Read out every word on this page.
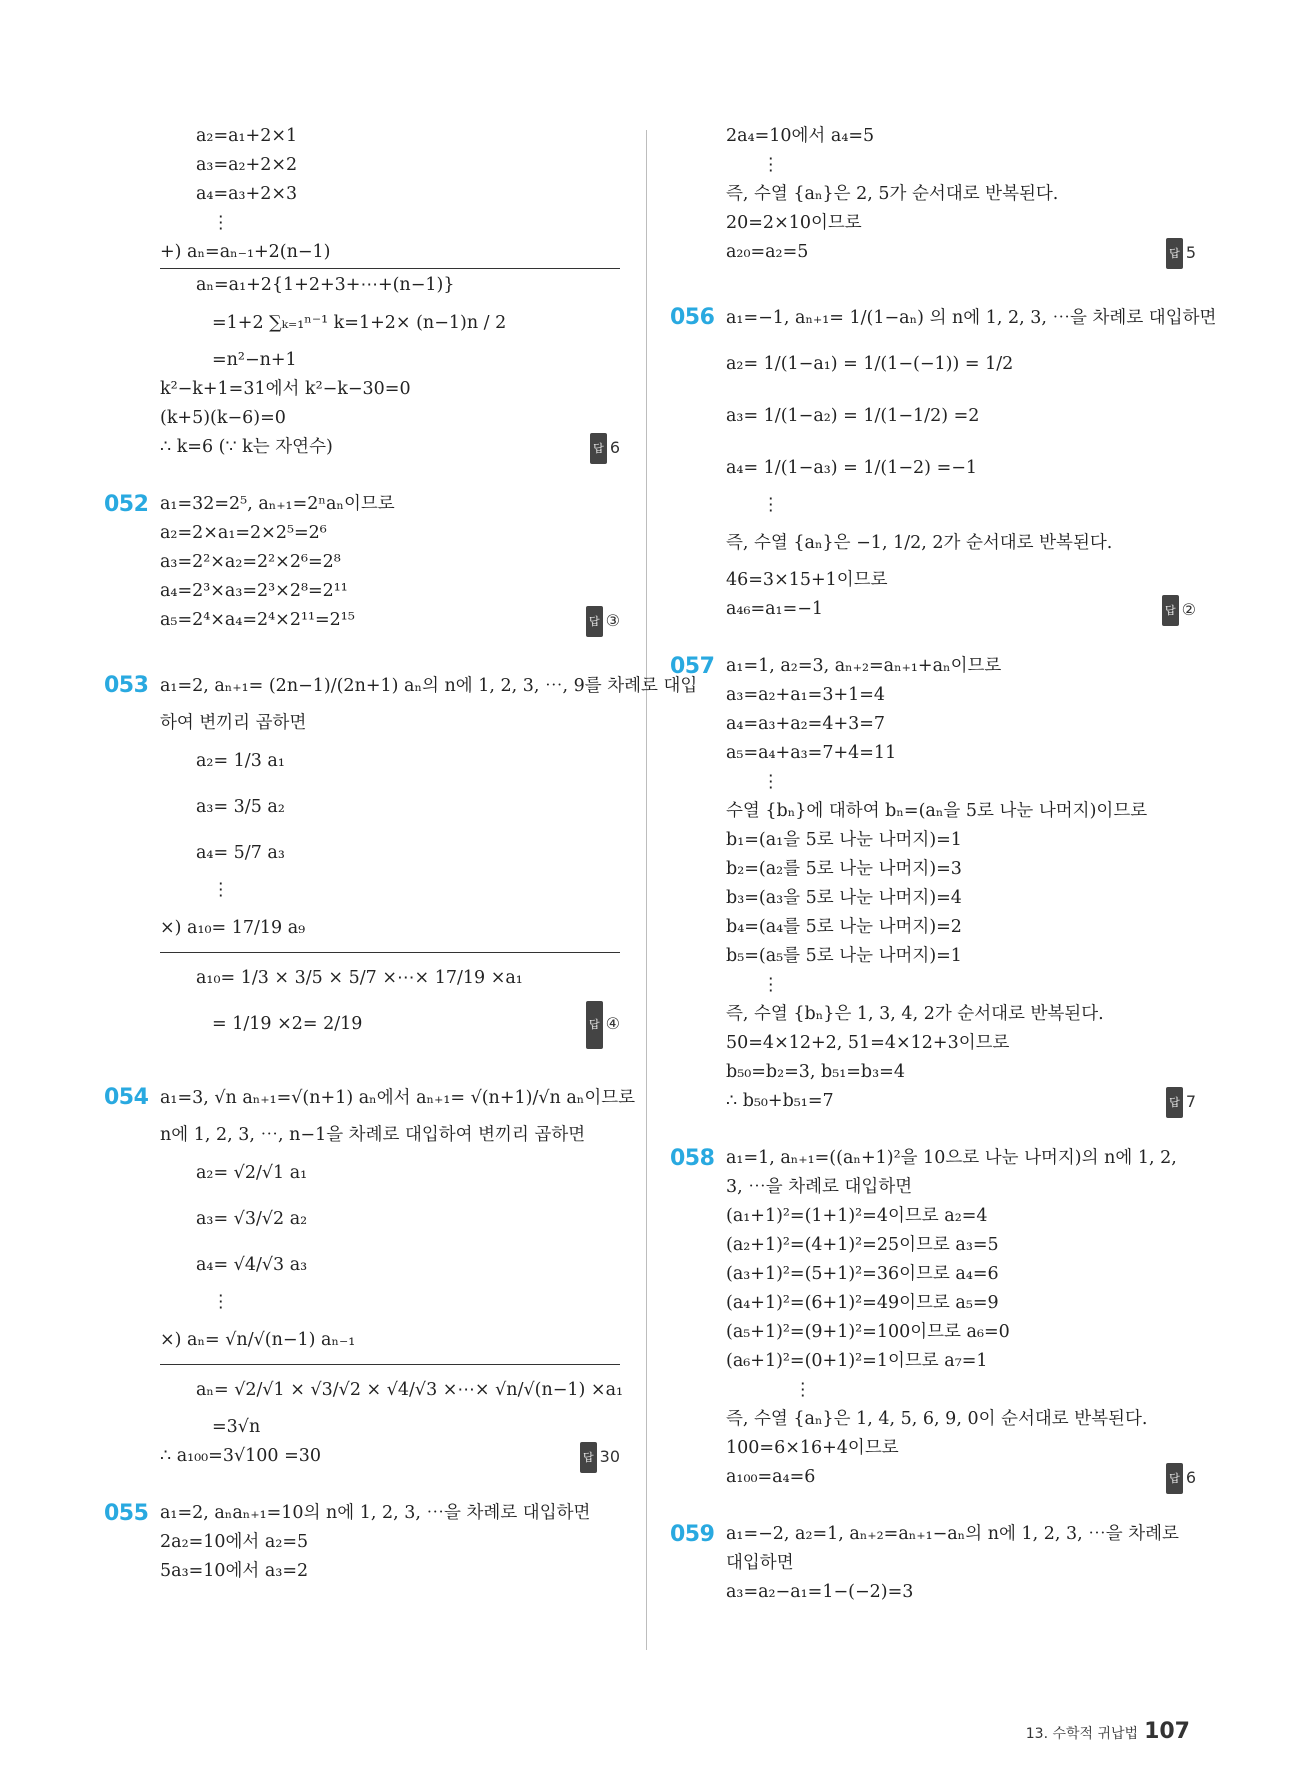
a₂=a₁+2×1
a₃=a₂+2×2
a₄=a₃+2×3
⋮
+) aₙ=aₙ₋₁+2(n−1)
aₙ=a₁+2{1+2+3+⋯+(n−1)}
=1+2 ∑ₖ₌₁ⁿ⁻¹ k=1+2× (n−1)n / 2
=n²−n+1
k²−k+1=31에서 k²−k−30=0
(k+5)(k−6)=0
∴ k=6 (∵ k는 자연수)	답 6
052 a₁=32=2⁵, aₙ₊₁=2ⁿaₙ이므로
a₂=2×a₁=2×2⁵=2⁶
a₃=2²×a₂=2²×2⁶=2⁸
a₄=2³×a₃=2³×2⁸=2¹¹
a₅=2⁴×a₄=2⁴×2¹¹=2¹⁵	답 ③
053 a₁=2, aₙ₊₁= (2n−1)/(2n+1) aₙ의 n에 1, 2, 3, ⋯, 9를 차례로 대입
하여 변끼리 곱하면
a₂= 1/3 a₁
a₃= 3/5 a₂
a₄= 5/7 a₃
⋮
×) a₁₀= 17/19 a₉
a₁₀= 1/3 × 3/5 × 5/7 ×⋯× 17/19 ×a₁
= 1/19 ×2= 2/19	답 ④
054 a₁=3, √n aₙ₊₁=√(n+1) aₙ에서 aₙ₊₁= √(n+1)/√n aₙ이므로
n에 1, 2, 3, ⋯, n−1을 차례로 대입하여 변끼리 곱하면
a₂= √2/√1 a₁
a₃= √3/√2 a₂
a₄= √4/√3 a₃
⋮
×) aₙ= √n/√(n−1) aₙ₋₁
aₙ= √2/√1 × √3/√2 × √4/√3 ×⋯× √n/√(n−1) ×a₁
=3√n
∴ a₁₀₀=3√100 =30	답 30
055 a₁=2, aₙaₙ₊₁=10의 n에 1, 2, 3, ⋯을 차례로 대입하면
2a₂=10에서 a₂=5
5a₃=10에서 a₃=2
2a₄=10에서 a₄=5
⋮
즉, 수열 {aₙ}은 2, 5가 순서대로 반복된다.
20=2×10이므로
a₂₀=a₂=5	답 5
056 a₁=−1, aₙ₊₁= 1/(1−aₙ) 의 n에 1, 2, 3, ⋯을 차례로 대입하면
a₂= 1/(1−a₁) = 1/(1−(−1)) = 1/2
a₃= 1/(1−a₂) = 1/(1−1/2) =2
a₄= 1/(1−a₃) = 1/(1−2) =−1
⋮
즉, 수열 {aₙ}은 −1, 1/2, 2가 순서대로 반복된다.
46=3×15+1이므로
a₄₆=a₁=−1	답 ②
057 a₁=1, a₂=3, aₙ₊₂=aₙ₊₁+aₙ이므로
a₃=a₂+a₁=3+1=4
a₄=a₃+a₂=4+3=7
a₅=a₄+a₃=7+4=11
⋮
수열 {bₙ}에 대하여 bₙ=(aₙ을 5로 나눈 나머지)이므로
b₁=(a₁을 5로 나눈 나머지)=1
b₂=(a₂를 5로 나눈 나머지)=3
b₃=(a₃을 5로 나눈 나머지)=4
b₄=(a₄를 5로 나눈 나머지)=2
b₅=(a₅를 5로 나눈 나머지)=1
⋮
즉, 수열 {bₙ}은 1, 3, 4, 2가 순서대로 반복된다.
50=4×12+2, 51=4×12+3이므로
b₅₀=b₂=3, b₅₁=b₃=4
∴ b₅₀+b₅₁=7	답 7
058 a₁=1, aₙ₊₁=((aₙ+1)²을 10으로 나눈 나머지)의 n에 1, 2,
3, ⋯을 차례로 대입하면
(a₁+1)²=(1+1)²=4이므로 a₂=4
(a₂+1)²=(4+1)²=25이므로 a₃=5
(a₃+1)²=(5+1)²=36이므로 a₄=6
(a₄+1)²=(6+1)²=49이므로 a₅=9
(a₅+1)²=(9+1)²=100이므로 a₆=0
(a₆+1)²=(0+1)²=1이므로 a₇=1
⋮
즉, 수열 {aₙ}은 1, 4, 5, 6, 9, 0이 순서대로 반복된다.
100=6×16+4이므로
a₁₀₀=a₄=6	답 6
059 a₁=−2, a₂=1, aₙ₊₂=aₙ₊₁−aₙ의 n에 1, 2, 3, ⋯을 차례로
대입하면
a₃=a₂−a₁=1−(−2)=3
13. 수학적 귀납법 107
